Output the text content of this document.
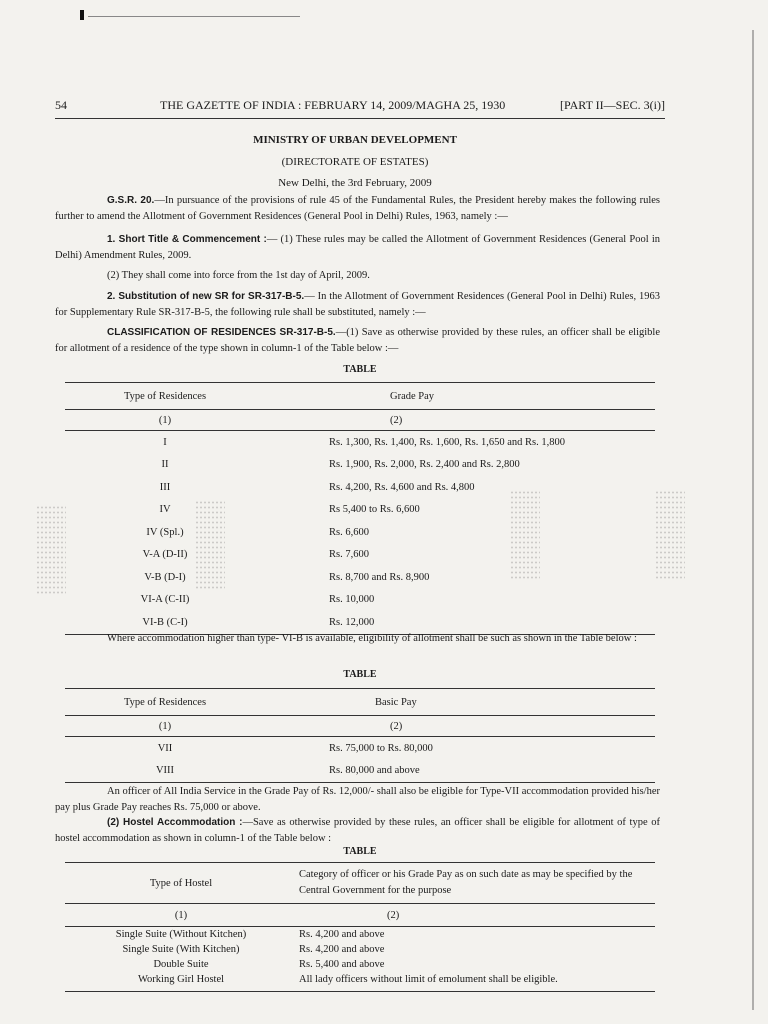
54	THE GAZETTE OF INDIA : FEBRUARY 14, 2009/MAGHA 25, 1930	[PART II—SEC. 3(i)]
MINISTRY OF URBAN DEVELOPMENT
(DIRECTORATE OF ESTATES)
New Delhi, the 3rd February, 2009
G.S.R. 20.—In pursuance of the provisions of rule 45 of the Fundamental Rules, the President hereby makes the following rules further to amend the Allotment of Government Residences (General Pool in Delhi) Rules, 1963, namely :—
1. Short Title & Commencement :— (1) These rules may be called the Allotment of Government Residences (General Pool in Delhi) Amendment Rules, 2009.
(2) They shall come into force from the 1st day of April, 2009.
2. Substitution of new SR for SR-317-B-5.— In the Allotment of Government Residences (General Pool in Delhi) Rules, 1963 for Supplementary Rule SR-317-B-5, the following rule shall be substituted, namely :—
CLASSIFICATION OF RESIDENCES SR-317-B-5.—(1) Save as otherwise provided by these rules, an officer shall be eligible for allotment of a residence of the type shown in column-1 of the Table below :—
TABLE
Type of Residences	Grade Pay
(1)	(2)
I	Rs. 1,300, Rs. 1,400, Rs. 1,600, Rs. 1,650 and Rs. 1,800
II	Rs. 1,900, Rs. 2,000, Rs. 2,400 and Rs. 2,800
III	Rs. 4,200, Rs. 4,600 and Rs. 4,800
IV	Rs 5,400 to Rs. 6,600
IV (Spl.)	Rs. 6,600
V-A (D-II)	Rs. 7,600
V-B (D-I)	Rs. 8,700 and Rs. 8,900
VI-A (C-II)	Rs. 10,000
VI-B (C-I)	Rs. 12,000
Where accommodation higher than type- VI-B is available, eligibility of allotment shall be such as shown in the Table below :
TABLE
Type of Residences	Basic Pay
(1)	(2)
VII	Rs. 75,000 to Rs. 80,000
VIII	Rs. 80,000 and above
An officer of All India Service in the Grade Pay of Rs. 12,000/- shall also be eligible for Type-VII accommodation provided his/her pay plus Grade Pay reaches Rs. 75,000 or above.
(2) Hostel Accommodation :—Save as otherwise provided by these rules, an officer shall be eligible for allotment of type of hostel accommodation as shown in column-1 of the Table below :
TABLE
Type of Hostel	Category of officer or his Grade Pay as on such date as may be specified by the Central Government for the purpose
(1)	(2)
Single Suite (Without Kitchen)	Rs. 4,200 and above
Single Suite (With Kitchen)	Rs. 4,200 and above
Double Suite	Rs. 5,400 and above
Working Girl Hostel	All lady officers without limit of emolument shall be eligible.
